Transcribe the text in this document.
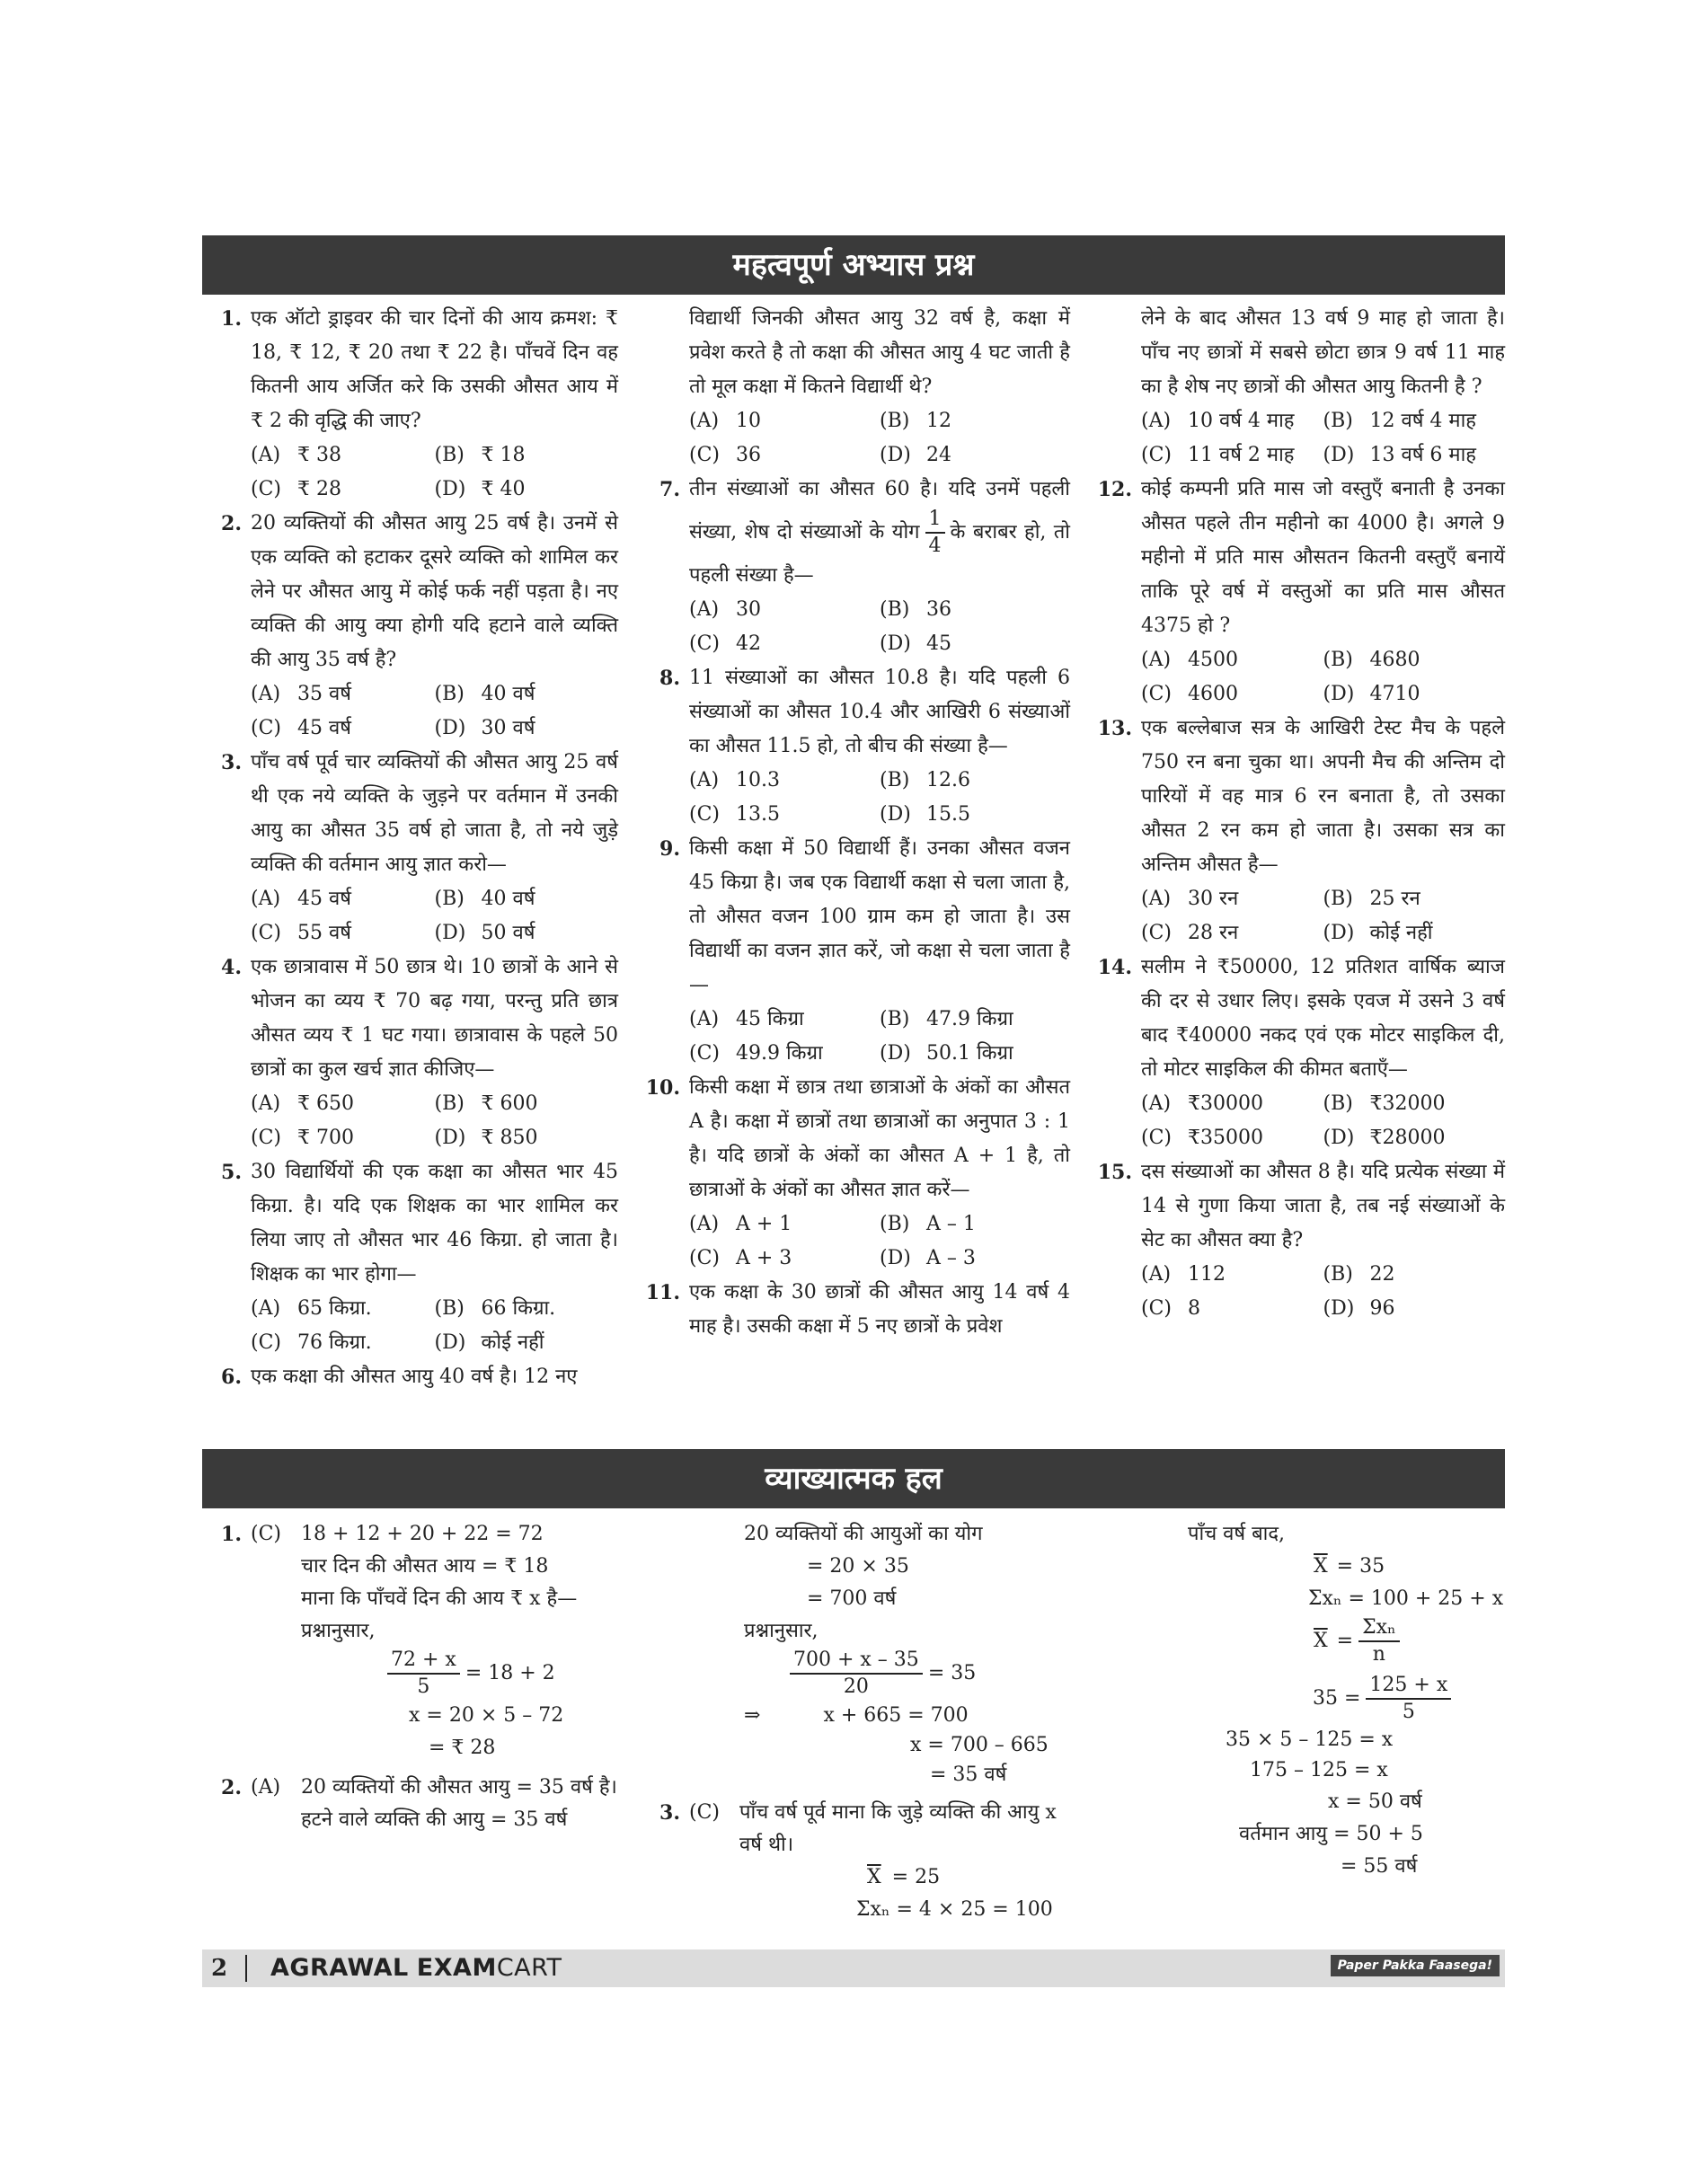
महत्वपूर्ण अभ्यास प्रश्न
1. एक ऑटो ड्राइवर की चार दिनों की आय क्रमश: ₹ 18, ₹ 12, ₹ 20 तथा ₹ 22 है। पाँचवें दिन वह कितनी आय अर्जित करे कि उसकी औसत आय में ₹ 2 की वृद्धि की जाए?
(A) ₹ 38	(B) ₹ 18
(C) ₹ 28	(D) ₹ 40
2. 20 व्यक्तियों की औसत आयु 25 वर्ष है। उनमें से एक व्यक्ति को हटाकर दूसरे व्यक्ति को शामिल कर लेने पर औसत आयु में कोई फर्क नहीं पड़ता है। नए व्यक्ति की आयु क्या होगी यदि हटाने वाले व्यक्ति की आयु 35 वर्ष है?
(A) 35 वर्ष	(B) 40 वर्ष
(C) 45 वर्ष	(D) 30 वर्ष
3. पाँच वर्ष पूर्व चार व्यक्तियों की औसत आयु 25 वर्ष थी एक नये व्यक्ति के जुड़ने पर वर्तमान में उनकी आयु का औसत 35 वर्ष हो जाता है, तो नये जुड़े व्यक्ति की वर्तमान आयु ज्ञात करो—
(A) 45 वर्ष	(B) 40 वर्ष
(C) 55 वर्ष	(D) 50 वर्ष
4. एक छात्रावास में 50 छात्र थे। 10 छात्रों के आने से भोजन का व्यय ₹ 70 बढ़ गया, परन्तु प्रति छात्र औसत व्यय ₹ 1 घट गया। छात्रावास के पहले 50 छात्रों का कुल खर्च ज्ञात कीजिए—
(A) ₹ 650	(B) ₹ 600
(C) ₹ 700	(D) ₹ 850
5. 30 विद्यार्थियों की एक कक्षा का औसत भार 45 किग्रा. है। यदि एक शिक्षक का भार शामिल कर लिया जाए तो औसत भार 46 किग्रा. हो जाता है। शिक्षक का भार होगा—
(A) 65 किग्रा.	(B) 66 किग्रा.
(C) 76 किग्रा.	(D) कोई नहीं
6. एक कक्षा की औसत आयु 40 वर्ष है। 12 नए
विद्यार्थी जिनकी औसत आयु 32 वर्ष है, कक्षा में प्रवेश करते है तो कक्षा की औसत आयु 4 घट जाती है तो मूल कक्षा में कितने विद्यार्थी थे?
(A) 10	(B) 12
(C) 36	(D) 24
7. तीन संख्याओं का औसत 60 है। यदि उनमें पहली संख्या, शेष दो संख्याओं के योग $\frac{1}{4}$ के बराबर हो, तो पहली संख्या है—
(A) 30	(B) 36
(C) 42	(D) 45
8. 11 संख्याओं का औसत 10.8 है। यदि पहली 6 संख्याओं का औसत 10.4 और आखिरी 6 संख्याओं का औसत 11.5 हो, तो बीच की संख्या है—
(A) 10.3	(B) 12.6
(C) 13.5	(D) 15.5
9. किसी कक्षा में 50 विद्यार्थी हैं। उनका औसत वजन 45 किग्रा है। जब एक विद्यार्थी कक्षा से चला जाता है, तो औसत वजन 100 ग्राम कम हो जाता है। उस विद्यार्थी का वजन ज्ञात करें, जो कक्षा से चला जाता है—
(A) 45 किग्रा	(B) 47.9 किग्रा
(C) 49.9 किग्रा	(D) 50.1 किग्रा
10. किसी कक्षा में छात्र तथा छात्राओं के अंकों का औसत A है। कक्षा में छात्रों तथा छात्राओं का अनुपात 3 : 1 है। यदि छात्रों के अंकों का औसत A + 1 है, तो छात्राओं के अंकों का औसत ज्ञात करें—
(A) A + 1	(B) A – 1
(C) A + 3	(D) A – 3
11. एक कक्षा के 30 छात्रों की औसत आयु 14 वर्ष 4 माह है। उसकी कक्षा में 5 नए छात्रों के प्रवेश
लेने के बाद औसत 13 वर्ष 9 माह हो जाता है। पाँच नए छात्रों में सबसे छोटा छात्र 9 वर्ष 11 माह का है शेष नए छात्रों की औसत आयु कितनी है ?
(A) 10 वर्ष 4 माह (B) 12 वर्ष 4 माह
(C) 11 वर्ष 2 माह (D) 13 वर्ष 6 माह
12. कोई कम्पनी प्रति मास जो वस्तुएँ बनाती है उनका औसत पहले तीन महीनो का 4000 है। अगले 9 महीनो में प्रति मास औसतन कितनी वस्तुएँ बनायें ताकि पूरे वर्ष में वस्तुओं का प्रति मास औसत 4375 हो ?
(A) 4500	(B) 4680
(C) 4600	(D) 4710
13. एक बल्लेबाज सत्र के आखिरी टेस्ट मैच के पहले 750 रन बना चुका था। अपनी मैच की अन्तिम दो पारियों में वह मात्र 6 रन बनाता है, तो उसका औसत 2 रन कम हो जाता है। उसका सत्र का अन्तिम औसत है—
(A) 30 रन	(B) 25 रन
(C) 28 रन	(D) कोई नहीं
14. सलीम ने ₹50000, 12 प्रतिशत वार्षिक ब्याज की दर से उधार लिए। इसके एवज में उसने 3 वर्ष बाद ₹40000 नकद एवं एक मोटर साइकिल दी, तो मोटर साइकिल की कीमत बताएँ—
(A) ₹30000	(B) ₹32000
(C) ₹35000	(D) ₹28000
15. दस संख्याओं का औसत 8 है। यदि प्रत्येक संख्या में 14 से गुणा किया जाता है, तब नई संख्याओं के सेट का औसत क्या है?
(A) 112	(B) 22
(C) 8	(D) 96
व्याख्यात्मक हल
1. (C)	18 + 12 + 20 + 22 = 72
चार दिन की औसत आय = ₹ 18
माना कि पाँचवें दिन की आय ₹ x है—
प्रश्नानुसार,
$\frac{72 + x}{5} = 18 + 2$
x = 20 × 5 – 72
= ₹ 28
2. (A)	20 व्यक्तियों की औसत आयु = 35 वर्ष है।
हटने वाले व्यक्ति की आयु = 35 वर्ष
20 व्यक्तियों की आयुओं का योग
= 20 × 35
= 700 वर्ष
प्रश्नानुसार,
$\frac{700 + x - 35}{20} = 35$
⇒	x + 665 = 700
x = 700 – 665
= 35 वर्ष
3. (C)	पाँच वर्ष पूर्व माना कि जुड़े व्यक्ति की आयु x वर्ष थी।
$\overline{X} = 25$
Σxₙ = 4 × 25 = 100
पाँच वर्ष बाद,
$\overline{X} = 35$
Σxₙ = 100 + 25 + x
$\overline{X} = \frac{\text{Σxₙ}}{n}$
$35 = \frac{125 + x}{5}$
35 × 5 – 125 = x
175 – 125 = x
x = 50 वर्ष
वर्तमान आयु = 50 + 5
= 55 वर्ष
2 AGRAWAL EXAMCART	Paper Pakka Faasega!
